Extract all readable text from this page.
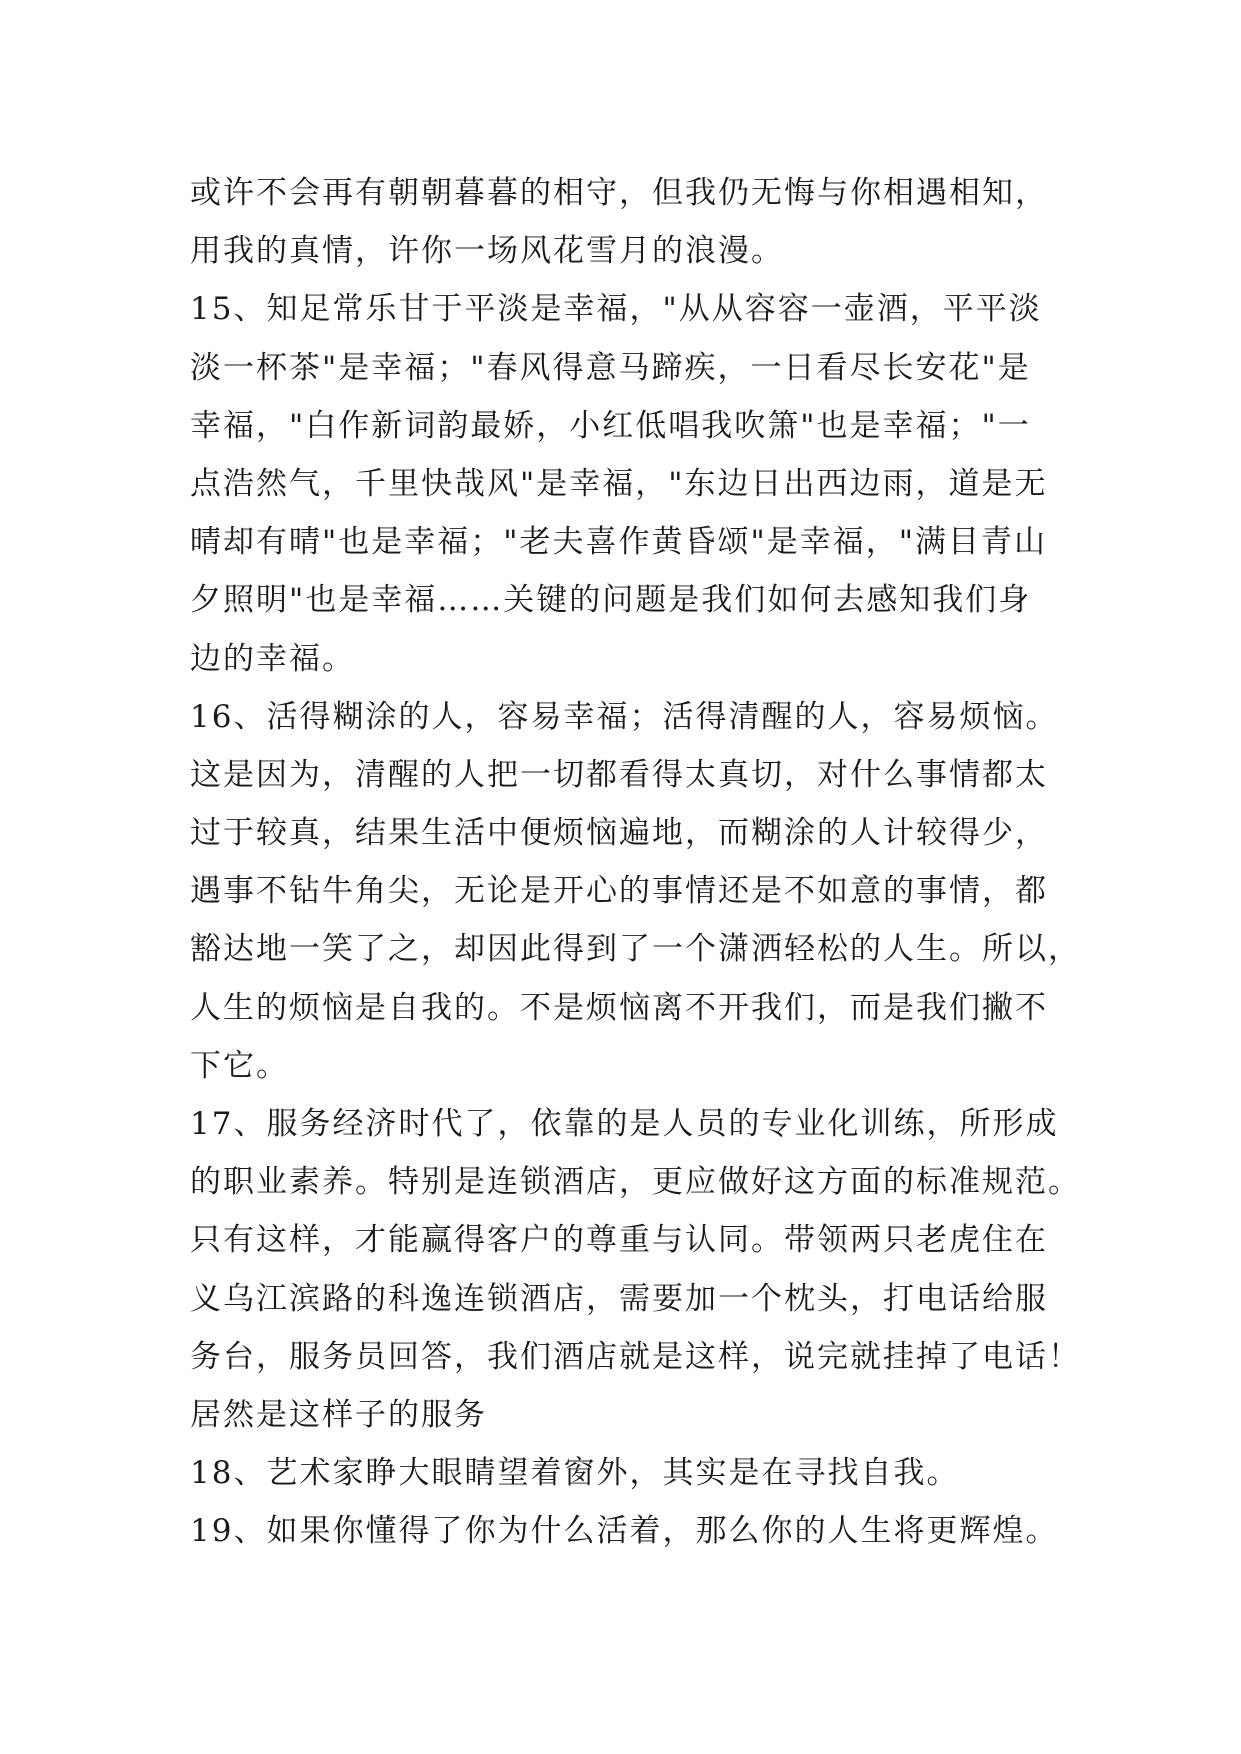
或许不会再有朝朝暮暮的相守，但我仍无悔与你相遇相知，
用我的真情，许你一场风花雪月的浪漫。
15、知足常乐甘于平淡是幸福，"从从容容一壶酒，平平淡
淡一杯茶"是幸福；"春风得意马蹄疾，一日看尽长安花"是
幸福，"白作新词韵最娇，小红低唱我吹箫"也是幸福；"一
点浩然气，千里快哉风"是幸福，"东边日出西边雨，道是无
晴却有晴"也是幸福；"老夫喜作黄昏颂"是幸福，"满目青山
夕照明"也是幸福……关键的问题是我们如何去感知我们身
边的幸福。
16、活得糊涂的人，容易幸福；活得清醒的人，容易烦恼。
这是因为，清醒的人把一切都看得太真切，对什么事情都太
过于较真，结果生活中便烦恼遍地，而糊涂的人计较得少，
遇事不钻牛角尖，无论是开心的事情还是不如意的事情，都
豁达地一笑了之，却因此得到了一个潇洒轻松的人生。所以，
人生的烦恼是自我的。不是烦恼离不开我们，而是我们撇不
下它。
17、服务经济时代了，依靠的是人员的专业化训练，所形成
的职业素养。特别是连锁酒店，更应做好这方面的标准规范。
只有这样，才能赢得客户的尊重与认同。带领两只老虎住在
义乌江滨路的科逸连锁酒店，需要加一个枕头，打电话给服
务台，服务员回答，我们酒店就是这样，说完就挂掉了电话！
居然是这样子的服务
18、艺术家睁大眼睛望着窗外，其实是在寻找自我。
19、如果你懂得了你为什么活着，那么你的人生将更辉煌。
